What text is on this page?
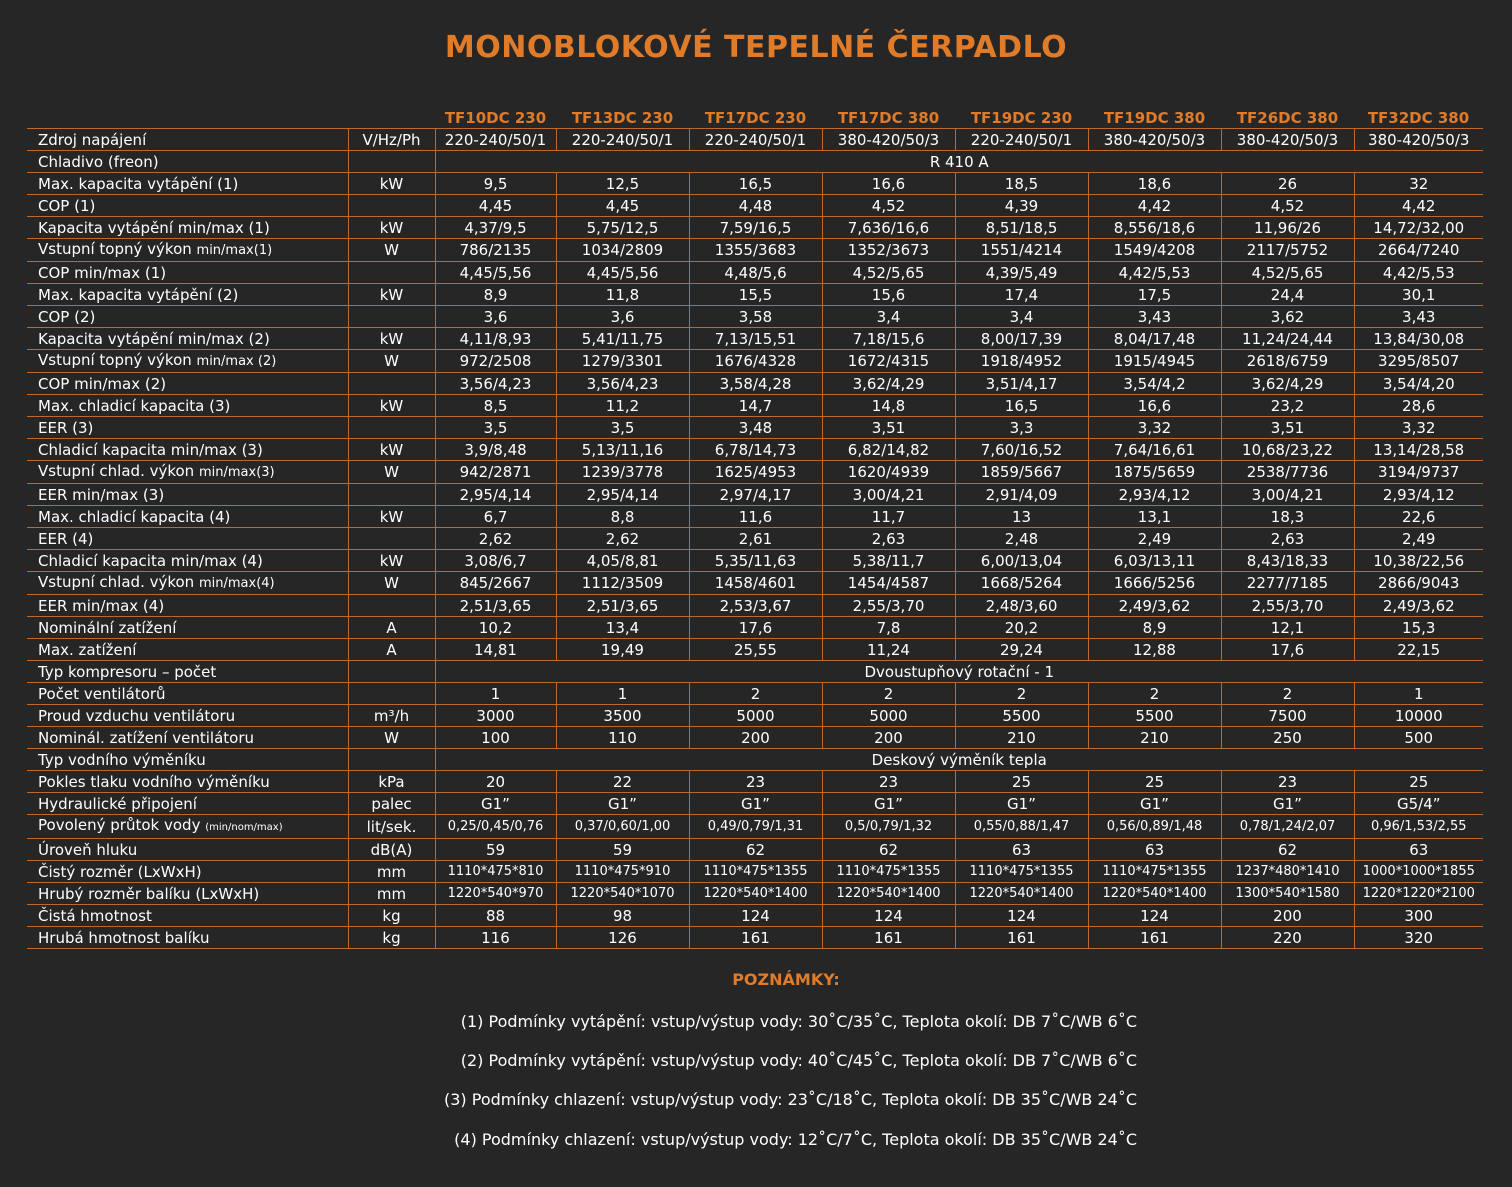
MONOBLOKOVÉ TEPELNÉ ČERPADLO
		TF10DC 230	TF13DC 230	TF17DC 230	TF17DC 380	TF19DC 230	TF19DC 380	TF26DC 380	TF32DC 380
Zdroj napájení	V/Hz/Ph	220-240/50/1	220-240/50/1	220-240/50/1	380-420/50/3	220-240/50/1	380-420/50/3	380-420/50/3	380-420/50/3
Chladivo (freon)		R 410 A							
Max. kapacita vytápění (1)	kW	9,5	12,5	16,5	16,6	18,5	18,6	26	32
COP (1)		4,45	4,45	4,48	4,52	4,39	4,42	4,52	4,42
Kapacita vytápění min/max (1)	kW	4,37/9,5	5,75/12,5	7,59/16,5	7,636/16,6	8,51/18,5	8,556/18,6	11,96/26	14,72/32,00
Vstupní topný výkon min/max(1)	W	786/2135	1034/2809	1355/3683	1352/3673	1551/4214	1549/4208	2117/5752	2664/7240
COP min/max (1)		4,45/5,56	4,45/5,56	4,48/5,6	4,52/5,65	4,39/5,49	4,42/5,53	4,52/5,65	4,42/5,53
Max. kapacita vytápění (2)	kW	8,9	11,8	15,5	15,6	17,4	17,5	24,4	30,1
COP (2)		3,6	3,6	3,58	3,4	3,4	3,43	3,62	3,43
Kapacita vytápění min/max (2)	kW	4,11/8,93	5,41/11,75	7,13/15,51	7,18/15,6	8,00/17,39	8,04/17,48	11,24/24,44	13,84/30,08
Vstupní topný výkon min/max (2)	W	972/2508	1279/3301	1676/4328	1672/4315	1918/4952	1915/4945	2618/6759	3295/8507
COP min/max (2)		3,56/4,23	3,56/4,23	3,58/4,28	3,62/4,29	3,51/4,17	3,54/4,2	3,62/4,29	3,54/4,20
Max. chladicí kapacita (3)	kW	8,5	11,2	14,7	14,8	16,5	16,6	23,2	28,6
EER (3)		3,5	3,5	3,48	3,51	3,3	3,32	3,51	3,32
Chladicí kapacita min/max (3)	kW	3,9/8,48	5,13/11,16	6,78/14,73	6,82/14,82	7,60/16,52	7,64/16,61	10,68/23,22	13,14/28,58
Vstupní chlad. výkon min/max(3)	W	942/2871	1239/3778	1625/4953	1620/4939	1859/5667	1875/5659	2538/7736	3194/9737
EER min/max (3)		2,95/4,14	2,95/4,14	2,97/4,17	3,00/4,21	2,91/4,09	2,93/4,12	3,00/4,21	2,93/4,12
Max. chladicí kapacita (4)	kW	6,7	8,8	11,6	11,7	13	13,1	18,3	22,6
EER (4)		2,62	2,62	2,61	2,63	2,48	2,49	2,63	2,49
Chladicí kapacita min/max (4)	kW	3,08/6,7	4,05/8,81	5,35/11,63	5,38/11,7	6,00/13,04	6,03/13,11	8,43/18,33	10,38/22,56
Vstupní chlad. výkon min/max(4)	W	845/2667	1112/3509	1458/4601	1454/4587	1668/5264	1666/5256	2277/7185	2866/9043
EER min/max (4)		2,51/3,65	2,51/3,65	2,53/3,67	2,55/3,70	2,48/3,60	2,49/3,62	2,55/3,70	2,49/3,62
Nominální zatížení	A	10,2	13,4	17,6	7,8	20,2	8,9	12,1	15,3
Max. zatížení	A	14,81	19,49	25,55	11,24	29,24	12,88	17,6	22,15
Typ kompresoru – počet		Dvoustupňový rotační - 1							
Počet ventilátorů		1	1	2	2	2	2	2	1
Proud vzduchu ventilátoru	m³/h	3000	3500	5000	5000	5500	5500	7500	10000
Nominál. zatížení ventilátoru	W	100	110	200	200	210	210	250	500
Typ vodního výměníku		Deskový výměník tepla							
Pokles tlaku vodního výměníku	kPa	20	22	23	23	25	25	23	25
Hydraulické připojení	palec	G1”	G1”	G1”	G1”	G1”	G1”	G1”	G5/4”
Povolený průtok vody (min/nom/max)	lit/sek.	0,25/0,45/0,76	0,37/0,60/1,00	0,49/0,79/1,31	0,5/0,79/1,32	0,55/0,88/1,47	0,56/0,89/1,48	0,78/1,24/2,07	0,96/1,53/2,55
Úroveň hluku	dB(A)	59	59	62	62	63	63	62	63
Čistý rozměr (LxWxH)	mm	1110*475*810	1110*475*910	1110*475*1355	1110*475*1355	1110*475*1355	1110*475*1355	1237*480*1410	1000*1000*1855
Hrubý rozměr balíku (LxWxH)	mm	1220*540*970	1220*540*1070	1220*540*1400	1220*540*1400	1220*540*1400	1220*540*1400	1300*540*1580	1220*1220*2100
Čistá hmotnost	kg	88	98	124	124	124	124	200	300
Hrubá hmotnost balíku	kg	116	126	161	161	161	161	220	320
POZNÁMKY:
(1) Podmínky vytápění: vstup/výstup vody: 30˚C/35˚C, Teplota okolí: DB 7˚C/WB 6˚C
(2) Podmínky vytápění: vstup/výstup vody: 40˚C/45˚C, Teplota okolí: DB 7˚C/WB 6˚C
(3) Podmínky chlazení: vstup/výstup vody: 23˚C/18˚C, Teplota okolí: DB 35˚C/WB 24˚C
(4) Podmínky chlazení: vstup/výstup vody: 12˚C/7˚C, Teplota okolí: DB 35˚C/WB 24˚C
